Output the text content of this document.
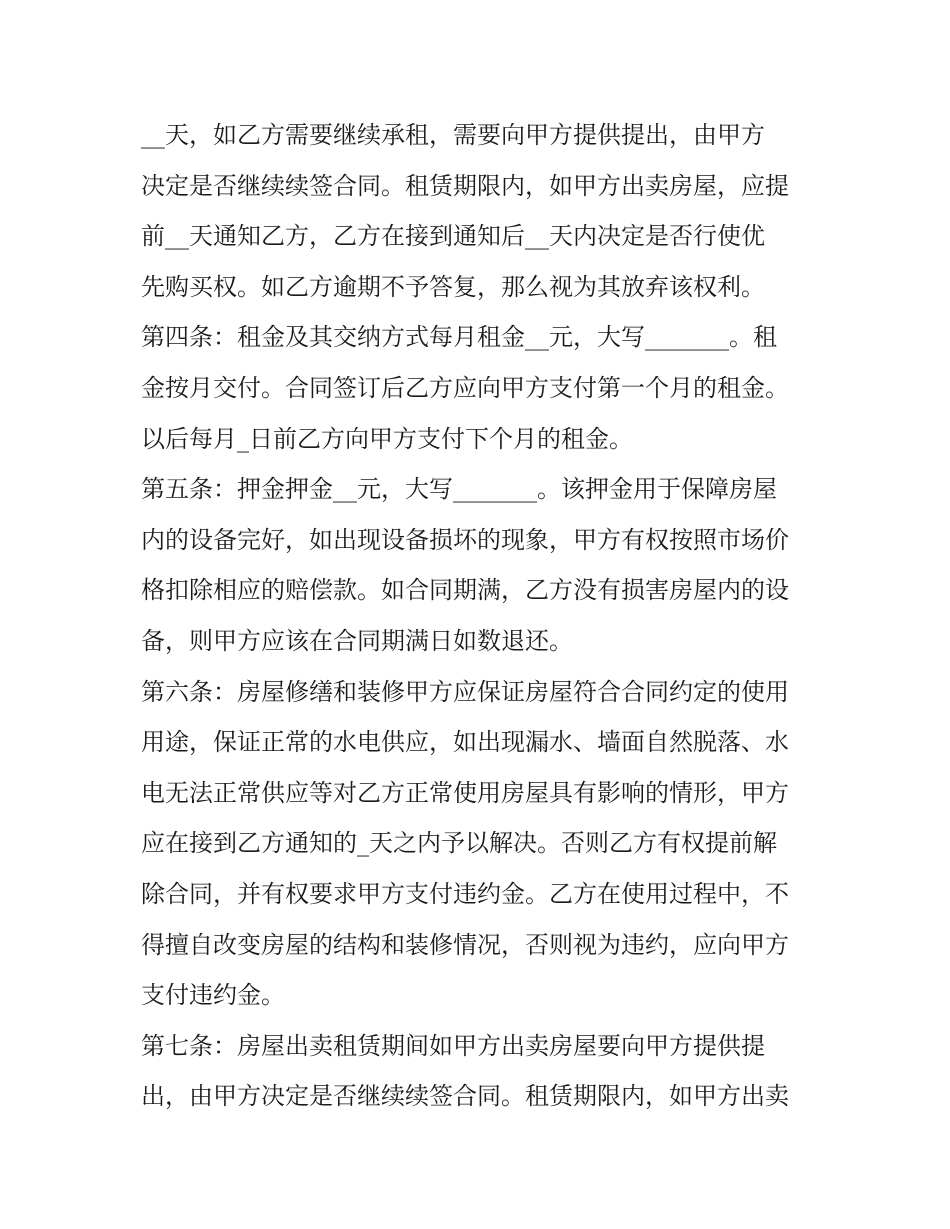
__天，如乙方需要继续承租，需要向甲方提供提出，由甲方
决定是否继续续签合同。租赁期限内，如甲方出卖房屋，应提
前__天通知乙方，乙方在接到通知后__天内决定是否行使优
先购买权。如乙方逾期不予答复，那么视为其放弃该权利。
第四条：租金及其交纳方式每月租金__元，大写_______。租
金按月交付。合同签订后乙方应向甲方支付第一个月的租金。
以后每月_日前乙方向甲方支付下个月的租金。
第五条：押金押金__元，大写_______。该押金用于保障房屋
内的设备完好，如出现设备损坏的现象，甲方有权按照市场价
格扣除相应的赔偿款。如合同期满，乙方没有损害房屋内的设
备，则甲方应该在合同期满日如数退还。
第六条：房屋修缮和装修甲方应保证房屋符合合同约定的使用
用途，保证正常的水电供应，如出现漏水、墙面自然脱落、水
电无法正常供应等对乙方正常使用房屋具有影响的情形，甲方
应在接到乙方通知的_天之内予以解决。否则乙方有权提前解
除合同，并有权要求甲方支付违约金。乙方在使用过程中，不
得擅自改变房屋的结构和装修情况，否则视为违约，应向甲方
支付违约金。
第七条：房屋出卖租赁期间如甲方出卖房屋要向甲方提供提
出，由甲方决定是否继续续签合同。租赁期限内，如甲方出卖
